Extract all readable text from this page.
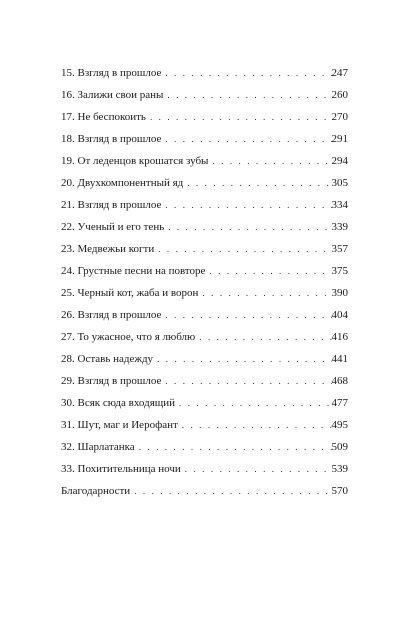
15. Взгляд в прошлое . . .	247
16. Залижи свои раны . . .	260
17. Не беспокоить . . .	270
18. Взгляд в прошлое . . .	291
19. От леденцов крошатся зубы . . .	294
20. Двухкомпонентный яд . . .	305
21. Взгляд в прошлое . . .	334
22. Ученый и его тень . . .	339
23. Медвежьи когти . . .	357
24. Грустные песни на повторе . . .	375
25. Черный кот, жаба и ворон . . .	390
26. Взгляд в прошлое . . .	404
27. То ужасное, что я люблю . . .	416
28. Оставь надежду . . .	441
29. Взгляд в прошлое . . .	468
30. Всяк сюда входящий . . .	477
31. Шут, маг и Иерофант . . .	495
32. Шарлатанка . . .	509
33. Похитительница ночи . . .	539
Благодарности . . .	570
